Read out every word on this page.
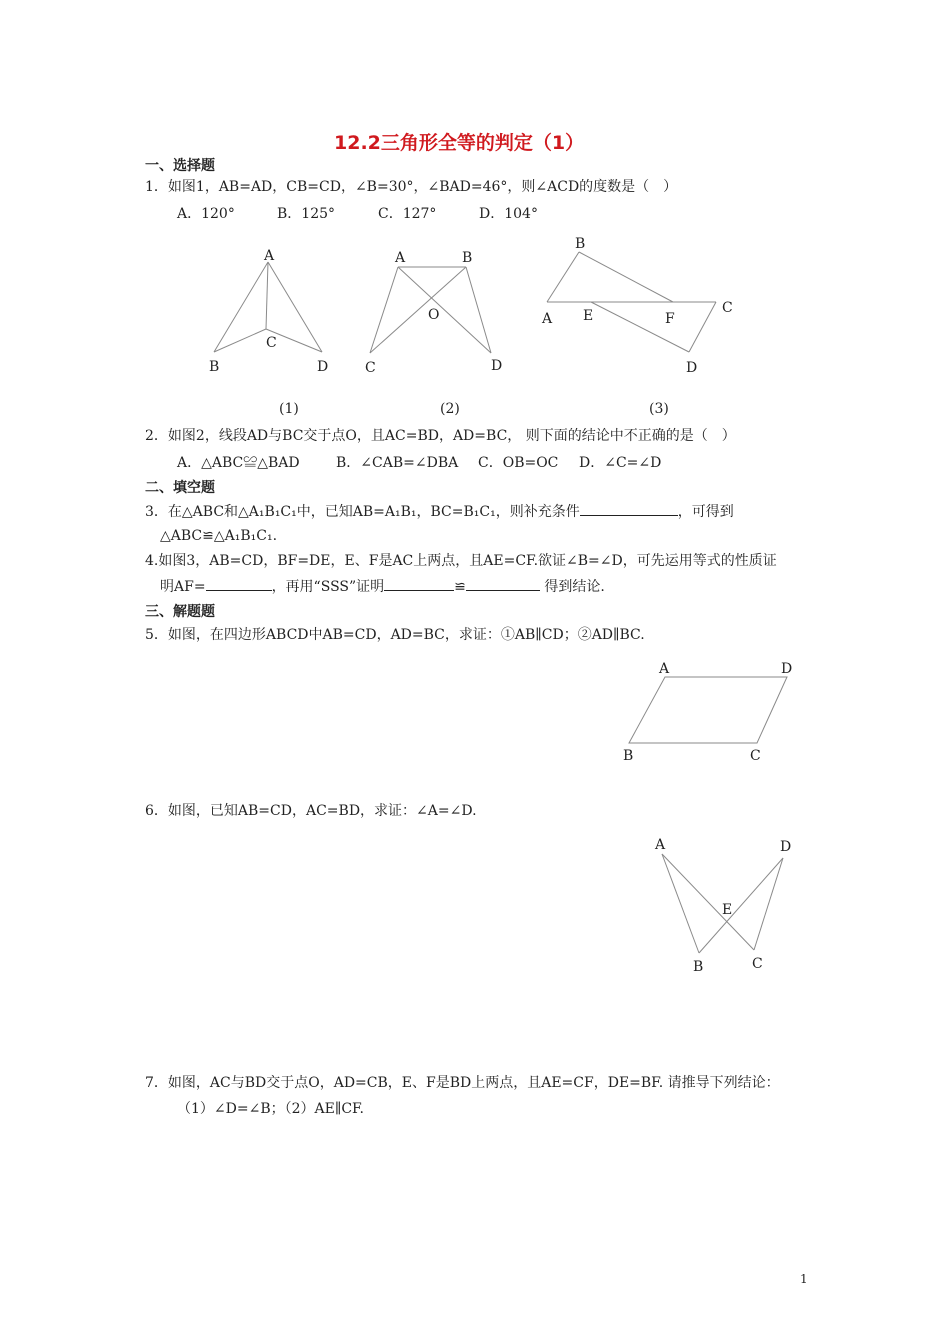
12.2三角形全等的判定（1）
一、选择题
1．如图1，AB=AD，CB=CD，∠B=30°，∠BAD=46°，则∠ACD的度数是（　）
A．120°	B．125°	C．127°	D．104°
A
B
C
D
(1)
A	B
O
C	D
(2)
B
A E	F
C
D
(3)
2．如图2，线段AD与BC交于点O，且AC=BD，AD=BC， 则下面的结论中不正确的是（　）
A．△ABC≌△BAD	B．∠CAB=∠DBA C．OB=OC D．∠C=∠D
二、填空题
3．在△ABC和△A₁B₁C₁中，已知AB=A₁B₁，BC=B₁C₁，则补充条件	，可得到
△ABC≌△A₁B₁C₁.
4.如图3，AB=CD，BF=DE，E、F是AC上两点，且AE=CF.欲证∠B=∠D，可先运用等式的性质证
明AF=	，再用“SSS”证明	≌	得到结论.
三、解题题
5．如图，在四边形ABCD中AB=CD，AD=BC，求证：①AB∥CD；②AD∥BC.
A	D
B	C
6．如图，已知AB=CD，AC=BD，求证：∠A=∠D.
A	D
E
B	C
7．如图，AC与BD交于点O，AD=CB，E、F是BD上两点，且AE=CF，DE=BF. 请推导下列结论：
（1）∠D=∠B；（2）AE∥CF.
1
